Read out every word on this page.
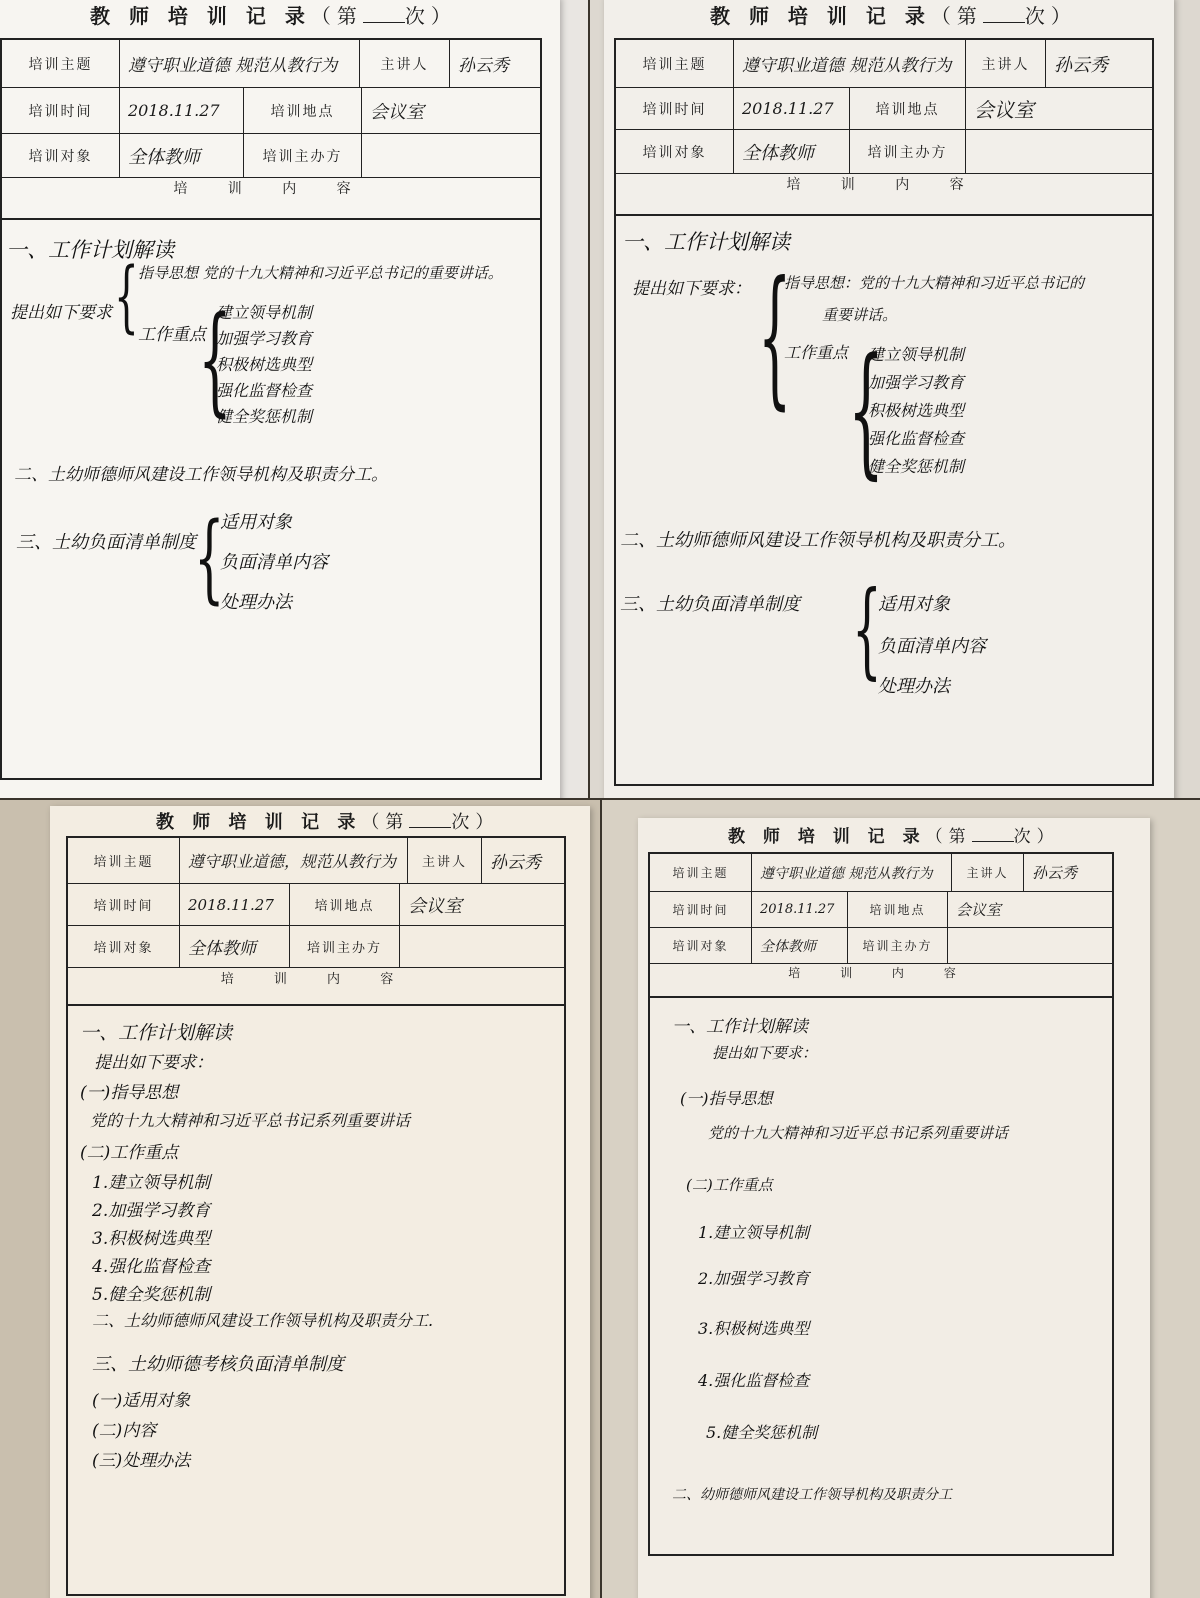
教 师 培 训 记 录（第 次）
培训主题	遵守职业道德 规范从教行为	主讲人	孙云秀
培训时间	2018.11.27	培训地点	会议室
培训对象	全体教师	培训主办方
培 训 内 容
一、工作计划解读
提出如下要求 { 指导思想 党的十九大精神和习近平总书记的重要讲话。
工作重点
{
建立领导机制
加强学习教育
积极树选典型
强化监督检查
健全奖惩机制
二、土幼师德师风建设工作领导机构及职责分工。
三、土幼负面清单制度
{
适用对象
负面清单内容
处理办法
教 师 培 训 记 录（第 次）
培训主题	遵守职业道德 规范从教行为	主讲人	孙云秀
培训时间	2018.11.27	培训地点	会议室
培训对象	全体教师	培训主办方
培 训 内 容
一、工作计划解读
提出如下要求： {
指导思想：党的十九大精神和习近平总书记的
重要讲话。
工作重点 {
建立领导机制
加强学习教育
积极树选典型
强化监督检查
健全奖惩机制
二、土幼师德师风建设工作领导机构及职责分工。
三、土幼负面清单制度 {
适用对象
负面清单内容
处理办法
教 师 培 训 记 录（第 次）
培训主题	遵守职业道德，规范从教行为	主讲人	孙云秀
培训时间	2018.11.27	培训地点	会议室
培训对象	全体教师	培训主办方
培 训 内 容
一、工作计划解读
提出如下要求：
(一)指导思想
党的十九大精神和习近平总书记系列重要讲话
(二)工作重点
1.建立领导机制
2.加强学习教育
3.积极树选典型
4.强化监督检查
5.健全奖惩机制
二、土幼师德师风建设工作领导机构及职责分工.
三、土幼师德考核负面清单制度
(一)适用对象
(二)内容
(三)处理办法
教 师 培 训 记 录（第 次）
培训主题	遵守职业道德 规范从教行为	主讲人	孙云秀
培训时间	2018.11.27	培训地点	会议室
培训对象	全体教师	培训主办方
培 训 内 容
一、工作计划解读
提出如下要求：
(一)指导思想
党的十九大精神和习近平总书记系列重要讲话
(二)工作重点
1.建立领导机制
2.加强学习教育
3.积极树选典型
4.强化监督检查
5.健全奖惩机制
二、幼师德师风建设工作领导机构及职责分工
